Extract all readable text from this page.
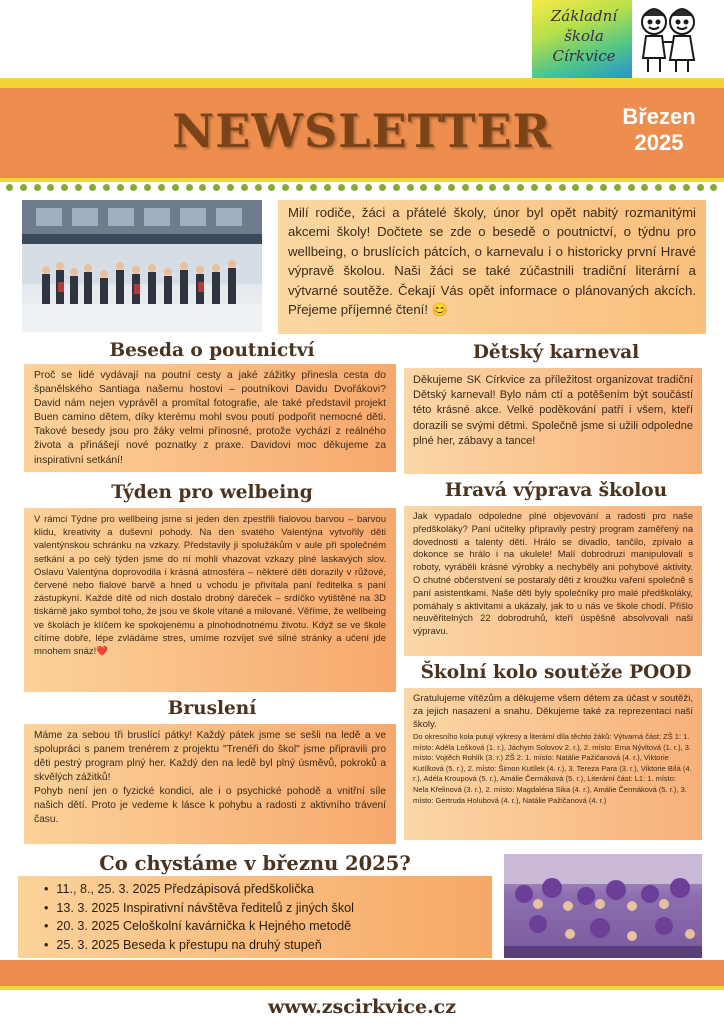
Základní
škola
Církvice
NEWSLETTER	Březen
2025

Milí rodiče, žáci a přátelé školy, únor byl opět nabitý rozmanitými akcemi školy! Dočtete se zde o besedě o poutnictví, o týdnu pro wellbeing, o bruslících pátcích, o karnevalu i o historicky první Hravé výpravě školou. Naši žáci se také zúčastnili tradiční literární a výtvarné soutěže. Čekají Vás opět informace o plánovaných akcích. Přejeme příjemné čtení! 😊

Beseda o poutnictví

Proč se lidé vydávají na poutní cesty a jaké zážitky přinesla cesta do španělského Santiaga našemu hostovi – poutníkovi Davidu Dvořákovi? David nám nejen vyprávěl a promítal fotografie, ale také představil projekt Buen camino dětem, díky kterému mohl svou poutí podpořit nemocné děti. Takové besedy jsou pro žáky velmi přínosné, protože vychází z reálného života a přinášejí nové poznatky z praxe. Davidovi moc děkujeme za inspirativní setkání!

Dětský karneval

Děkujeme SK Církvice za příležitost organizovat tradiční Dětský karneval! Bylo nám ctí a potěšením být součástí této krásné akce. Velké poděkování patří i všem, kteří dorazili se svými dětmi. Společně jsme si užili odpoledne plné her, zábavy a tance!

Týden pro welbeing

V rámci Týdne pro wellbeing jsme si jeden den zpestřili fialovou barvou – barvou klidu, kreativity a duševní pohody. Na den svatého Valentýna vytvořily děti valentýnskou schránku na vzkazy. Představily ji spolužákům v aule při společném setkání a po celý týden jsme do ní mohli vhazovat vzkazy plné laskavých slov. Oslavu Valentýna doprovodila i krásná atmosféra – některé děti dorazily v růžové, červené nebo fialové barvě a hned u vchodu je přivítala paní ředitelka s paní zástupkyní. Každé dítě od nich dostalo drobný dáreček – srdíčko vytištěné na 3D tiskárně jako symbol toho, že jsou ve škole vítané a milované. Věříme, že wellbeing ve školách je klíčem ke spokojenému a plnohodnotnému životu. Když se ve škole cítíme dobře, lépe zvládáme stres, umíme rozvíjet své silné stránky a učení jde mnohem snáz!❤️

Hravá výprava školou

Jak vypadalo odpoledne plné objevování a radosti pro naše předškoláky? Paní učitelky připravily pestrý program zaměřený na dovednosti a talenty dětí. Hrálo se divadlo, tančilo, zpívalo a dokonce se hrálo i na ukulele! Malí dobrodruzi manipulovali s roboty, vyráběli krásné výrobky a nechyběly ani pohybové aktivity. O chutné občerstvení se postaraly děti z kroužku vaření společně s paní asistentkami. Naše děti byly společníky pro malé předškoláky, pomáhaly s aktivitami a ukázaly, jak to u nás ve škole chodí. Přišlo neuvěřitelných 22 dobrodruhů, kteří úspěšně absolvovali naši výpravu.

Bruslení

Máme za sebou tři bruslící pátky! Každý pátek jsme se sešli na ledě a ve spolupráci s panem trenérem z projektu "Trenéři do škol" jsme připravili pro děti pestrý program plný her. Každý den na ledě byl plný úsměvů, pokroků a skvělých zážitků!

Pohyb není jen o fyzické kondici, ale i o psychické pohodě a vnitřní síle našich dětí. Proto je vedeme k lásce k pohybu a radosti z aktivního trávení času.

Školní kolo soutěže POOD

Gratulujeme vítězům a děkujeme všem dětem za účast v soutěži, za jejich nasazení a snahu. Děkujeme také za reprezentaci naší školy.

Do okresního kola putují výkresy a literární díla těchto žáků: Výtvarná část: ZŠ 1: 1. místo: Adéla Lošková (1. r.), Jáchym Solovov 2. r.), 2. místo: Ema Nývltová (1. r.), 3. místo: Vojtěch Rohlík (3. r.) ZŠ 2: 1. místo: Natálie Pažičanová (4. r.), Viktorie Kutílková (5. r.), 2. místo: Šimon Kutílek (4. r.), 3. Tereza Para (3. r.), Viktorie Bílá (4. r.), Adéla Kroupová (5. r.), Amálie Čermáková (5. r.), Literární část: L1: 1. místo: Nela Křelinová (3. r.), 2. místo: Magdaléna Sika (4. r.), Amálie Čermáková (5. r.), 3. místo: Gertruda Holubová (4. r.), Natálie Pažičanová (4. r.)

Co chystáme v březnu 2025?
• 11., 8., 25. 3. 2025 Předzápisová předškolička
• 13. 3. 2025 Inspirativní návštěva ředitelů z jiných škol
• 20. 3. 2025 Celoškolní kavárnička k Hejného metodě
• 25. 3. 2025 Beseda k přestupu na druhý stupeň
www.zscirkvice.cz
